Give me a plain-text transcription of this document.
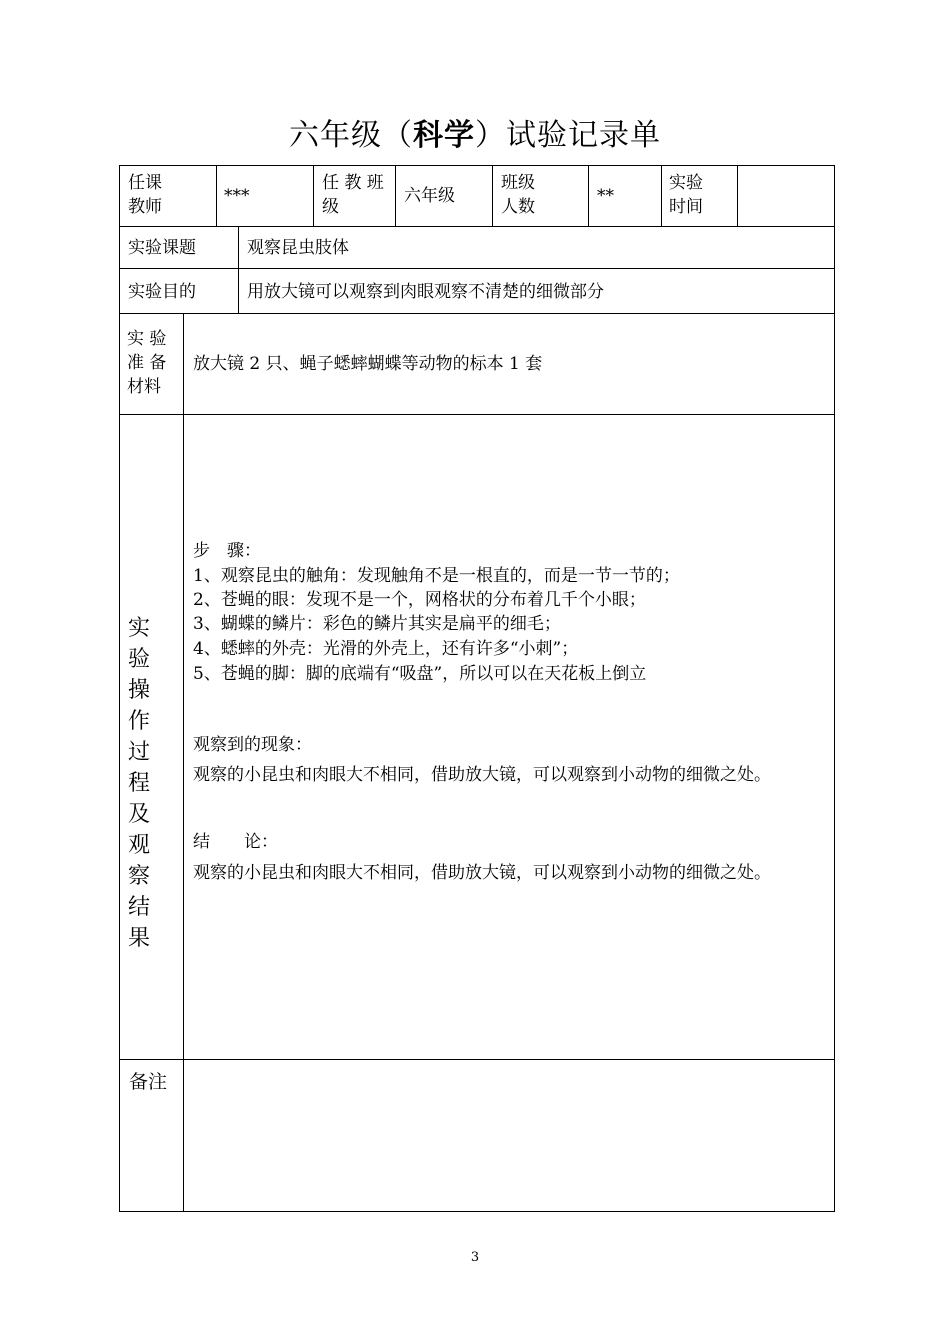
六年级（科学）试验记录单
任课
教师
***
任 教 班
级
六年级
班级
人数
**
实验
时间
实验课题	观察昆虫肢体
实验目的	用放大镜可以观察到肉眼观察不清楚的细微部分
实 验
准 备
材料
放大镜 2 只、蝇子蟋蟀蝴蝶等动物的标本 1 套
实
验
操
作
过
程
及
观
察
结
果
步　骤：
1、观察昆虫的触角：发现触角不是一根直的，而是一节一节的；
2、苍蝇的眼：发现不是一个，网格状的分布着几千个小眼；
3、蝴蝶的鳞片：彩色的鳞片其实是扁平的细毛；
4、蟋蟀的外壳：光滑的外壳上，还有许多“小刺”；
5、苍蝇的脚：脚的底端有“吸盘”，所以可以在天花板上倒立
观察到的现象：
观察的小昆虫和肉眼大不相同，借助放大镜，可以观察到小动物的细微之处。
结　　论：
观察的小昆虫和肉眼大不相同，借助放大镜，可以观察到小动物的细微之处。
备注
3
